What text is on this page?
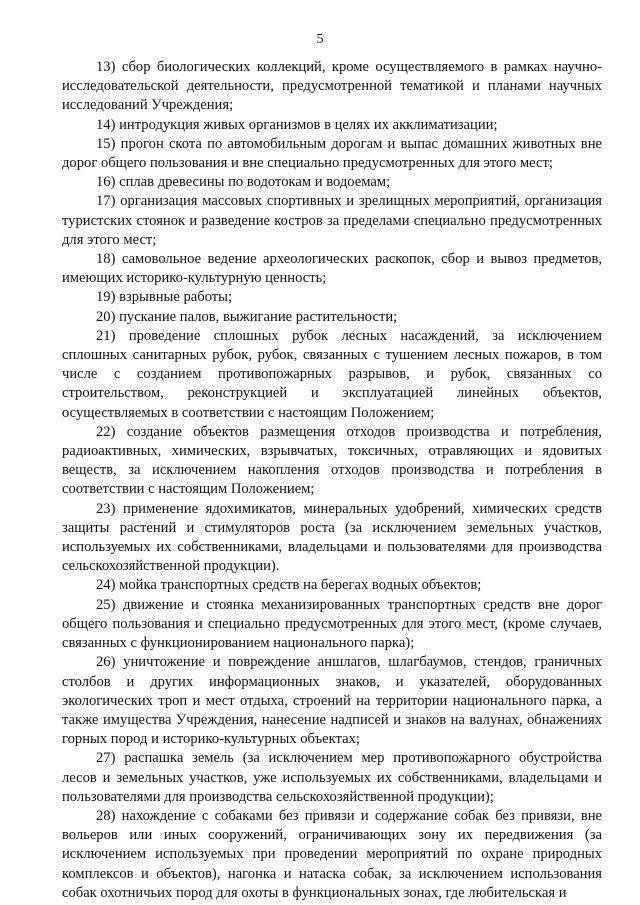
5

13) сбор биологических коллекций, кроме осуществляемого в рамках научно-исследовательской деятельности, предусмотренной тематикой и планами научных исследований Учреждения;

14) интродукция живых организмов в целях их акклиматизации;

15) прогон скота по автомобильным дорогам и выпас домашних животных вне дорог общего пользования и вне специально предусмотренных для этого мест;

16) сплав древесины по водотокам и водоемам;

17) организация массовых спортивных и зрелищных мероприятий, организация туристских стоянок и разведение костров за пределами специально предусмотренных для этого мест;

18) самовольное ведение археологических раскопок, сбор и вывоз предметов, имеющих историко-культурную ценность;

19) взрывные работы;

20) пускание палов, выжигание растительности;

21) проведение сплошных рубок лесных насаждений, за исключением сплошных санитарных рубок, рубок, связанных с тушением лесных пожаров, в том числе с созданием противопожарных разрывов, и рубок, связанных со строительством, реконструкцией и эксплуатацией линейных объектов, осуществляемых в соответствии с настоящим Положением;

22) создание объектов размещения отходов производства и потребления, радиоактивных, химических, взрывчатых, токсичных, отравляющих и ядовитых веществ, за исключением накопления отходов производства и потребления в соответствии с настоящим Положением;

23) применение ядохимикатов, минеральных удобрений, химических средств защиты растений и стимуляторов роста (за исключением земельных участков, используемых их собственниками, владельцами и пользователями для производства сельскохозяйственной продукции).

24) мойка транспортных средств на берегах водных объектов;

25) движение и стоянка механизированных транспортных средств вне дорог общего пользования и специально предусмотренных для этого мест, (кроме случаев, связанных с функционированием национального парка);

26) уничтожение и повреждение аншлагов, шлагбаумов, стендов, граничных столбов и других информационных знаков, и указателей, оборудованных экологических троп и мест отдыха, строений на территории национального парка, а также имущества Учреждения, нанесение надписей и знаков на валунах, обнажениях горных пород и историко-культурных объектах;

27) распашка земель (за исключением мер противопожарного обустройства лесов и земельных участков, уже используемых их собственниками, владельцами и пользователями для производства сельскохозяйственной продукции);

28) нахождение с собаками без привязи и содержание собак без привязи, вне вольеров или иных сооружений, ограничивающих зону их передвижения (за исключением используемых при проведении мероприятий по охране природных комплексов и объектов), нагонка и натаска собак, за исключением использования собак охотничьих пород для охоты в функциональных зонах, где любительская и
